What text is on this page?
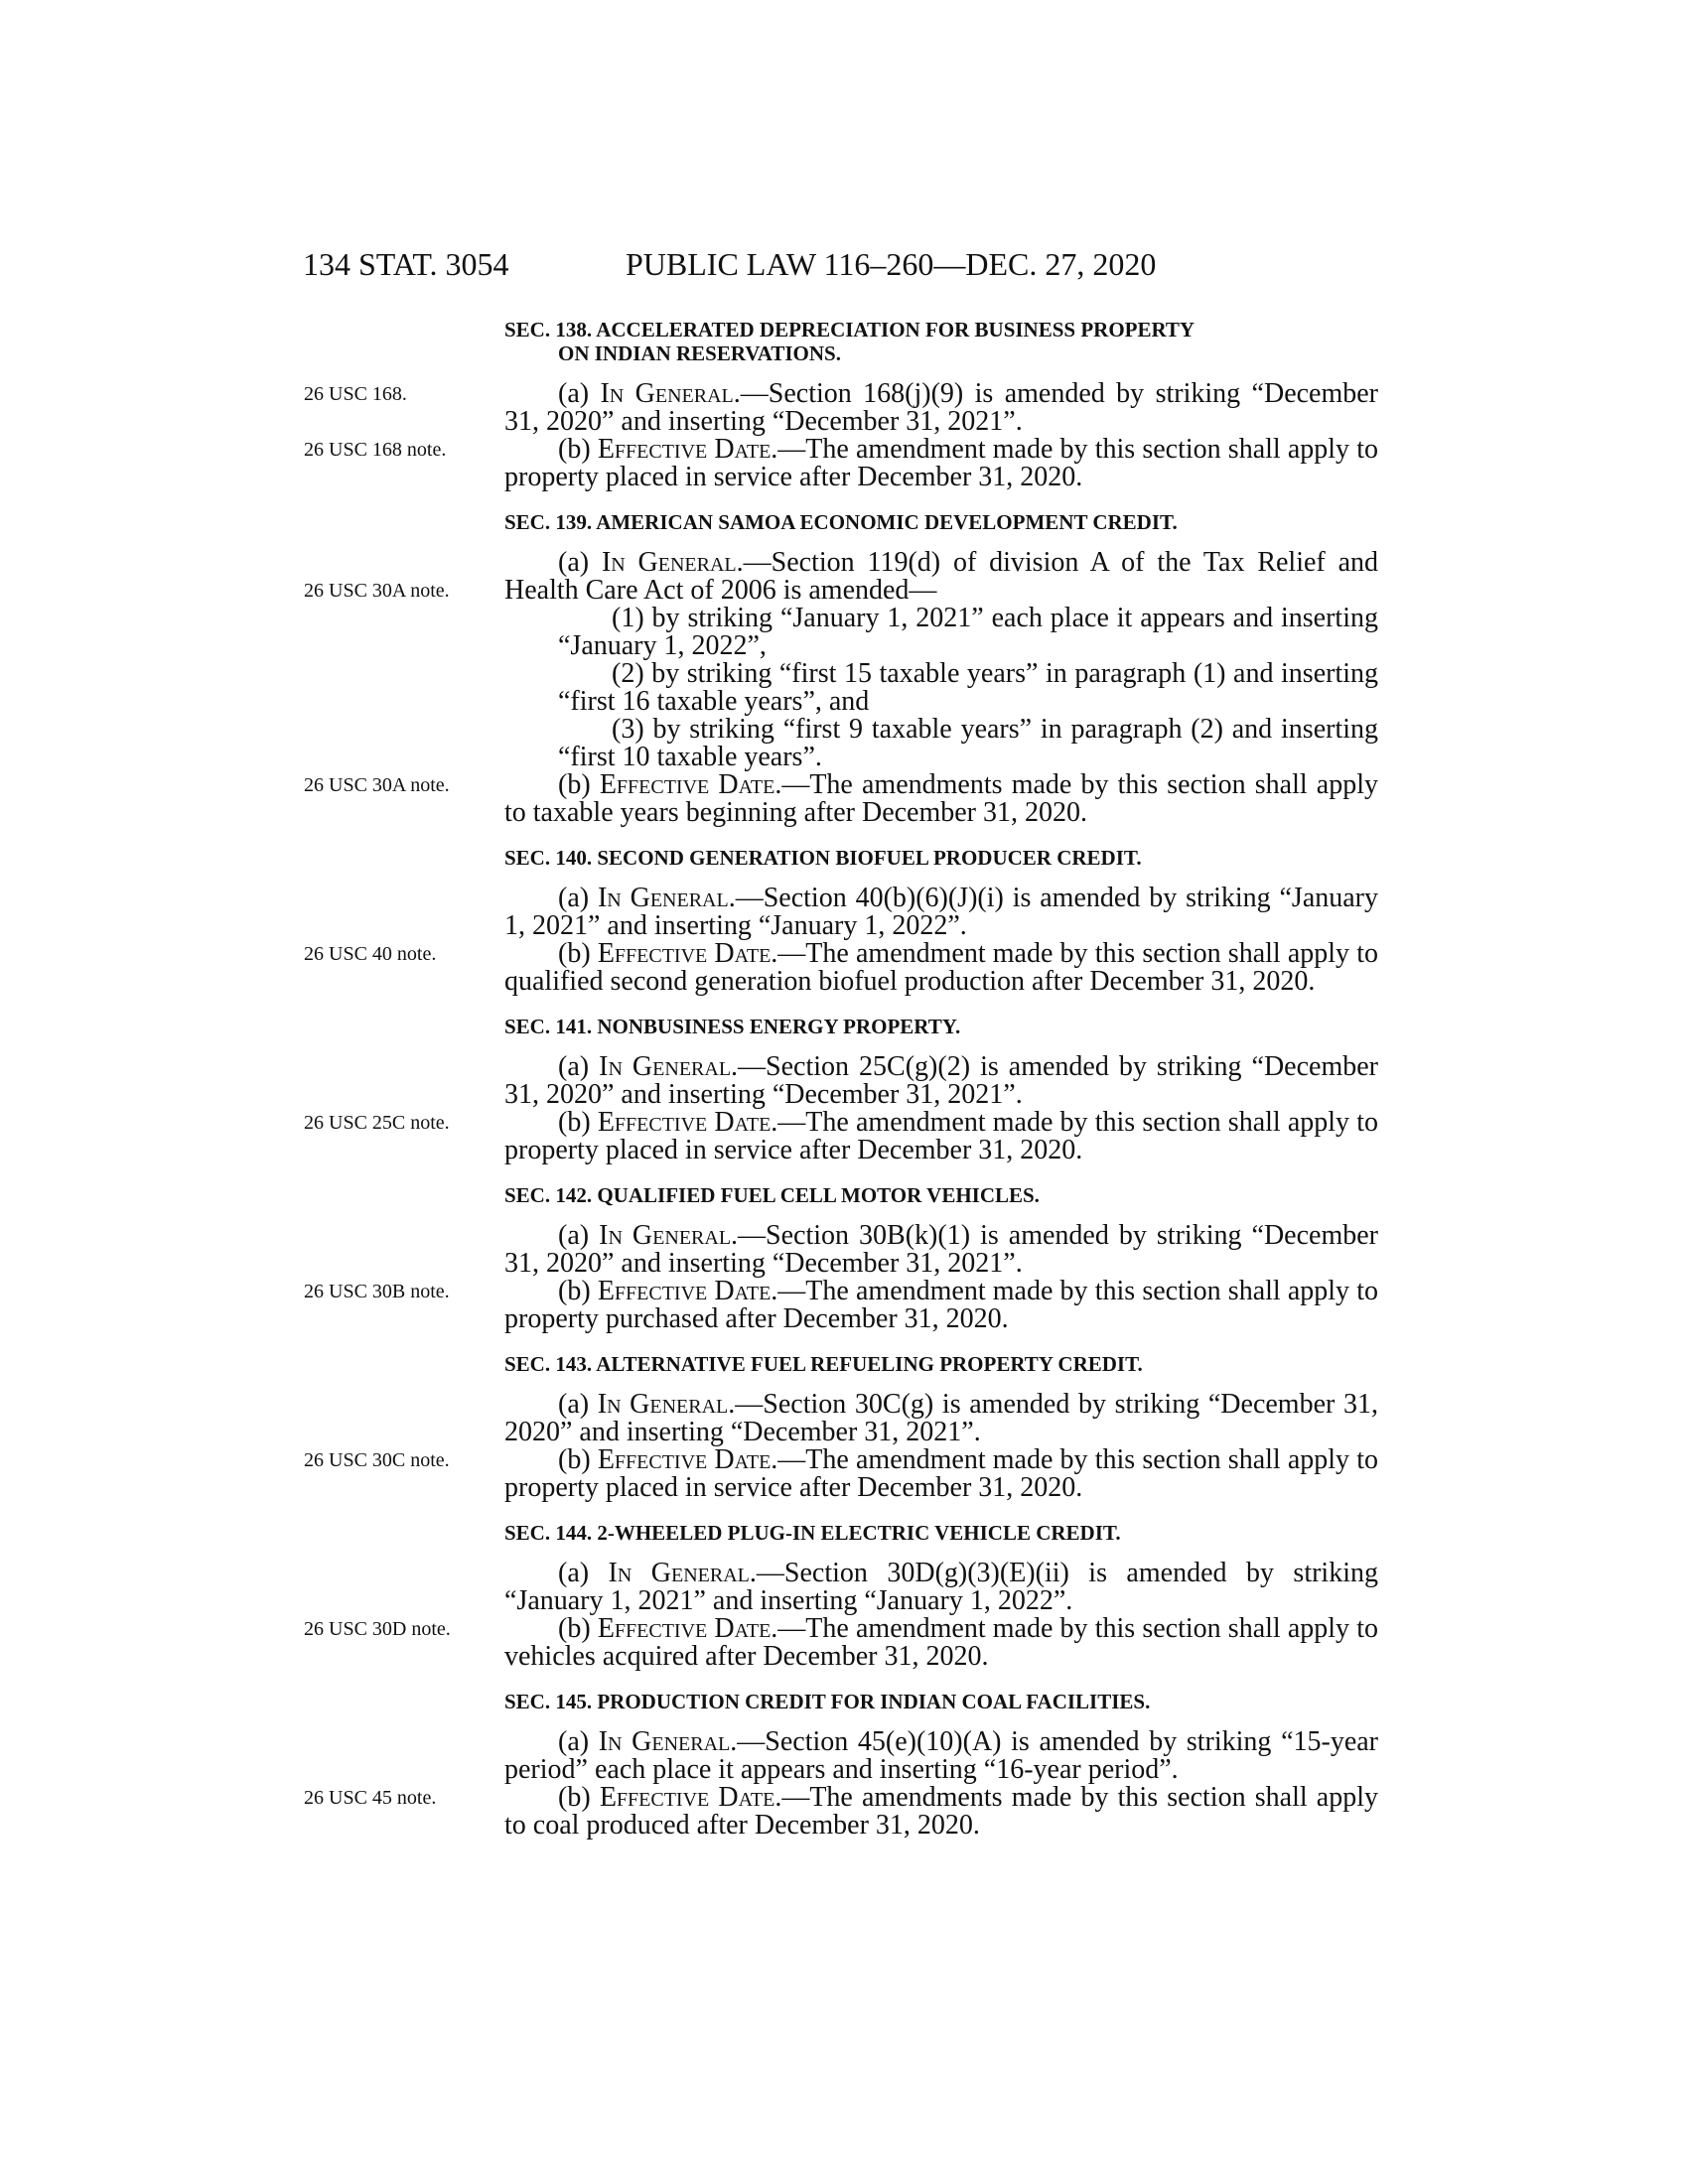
134 STAT. 3054	PUBLIC LAW 116–260—DEC. 27, 2020

SEC. 138. ACCELERATED DEPRECIATION FOR BUSINESS PROPERTY
ON INDIAN RESERVATIONS.

26 USC 168.	(a) In General.—Section 168(j)(9) is amended by striking “December 31, 2020” and inserting “December 31, 2021”.

26 USC 168 note.	(b) Effective Date.—The amendment made by this section shall apply to property placed in service after December 31, 2020.

SEC. 139. AMERICAN SAMOA ECONOMIC DEVELOPMENT CREDIT.

26 USC 30A note.
(a) In General.—Section 119(d) of division A of the Tax Relief and Health Care Act of 2006 is amended—

(1) by striking “January 1, 2021” each place it appears and inserting “January 1, 2022”,

(2) by striking “first 15 taxable years” in paragraph (1) and inserting “first 16 taxable years”, and

(3) by striking “first 9 taxable years” in paragraph (2) and inserting “first 10 taxable years”.

26 USC 30A note.	(b) Effective Date.—The amendments made by this section shall apply to taxable years beginning after December 31, 2020.

SEC. 140. SECOND GENERATION BIOFUEL PRODUCER CREDIT.

(a) In General.—Section 40(b)(6)(J)(i) is amended by striking “January 1, 2021” and inserting “January 1, 2022”.

26 USC 40 note.	(b) Effective Date.—The amendment made by this section shall apply to qualified second generation biofuel production after December 31, 2020.

SEC. 141. NONBUSINESS ENERGY PROPERTY.

(a) In General.—Section 25C(g)(2) is amended by striking “December 31, 2020” and inserting “December 31, 2021”.

26 USC 25C note.	(b) Effective Date.—The amendment made by this section shall apply to property placed in service after December 31, 2020.

SEC. 142. QUALIFIED FUEL CELL MOTOR VEHICLES.

(a) In General.—Section 30B(k)(1) is amended by striking “December 31, 2020” and inserting “December 31, 2021”.

26 USC 30B note.	(b) Effective Date.—The amendment made by this section shall apply to property purchased after December 31, 2020.

SEC. 143. ALTERNATIVE FUEL REFUELING PROPERTY CREDIT.

(a) In General.—Section 30C(g) is amended by striking “December 31, 2020” and inserting “December 31, 2021”.

26 USC 30C note.	(b) Effective Date.—The amendment made by this section shall apply to property placed in service after December 31, 2020.

SEC. 144. 2-WHEELED PLUG-IN ELECTRIC VEHICLE CREDIT.

(a) In General.—Section 30D(g)(3)(E)(ii) is amended by striking “January 1, 2021” and inserting “January 1, 2022”.

26 USC 30D note.	(b) Effective Date.—The amendment made by this section shall apply to vehicles acquired after December 31, 2020.

SEC. 145. PRODUCTION CREDIT FOR INDIAN COAL FACILITIES.

(a) In General.—Section 45(e)(10)(A) is amended by striking “15-year period” each place it appears and inserting “16-year period”.

26 USC 45 note.	(b) Effective Date.—The amendments made by this section shall apply to coal produced after December 31, 2020.
